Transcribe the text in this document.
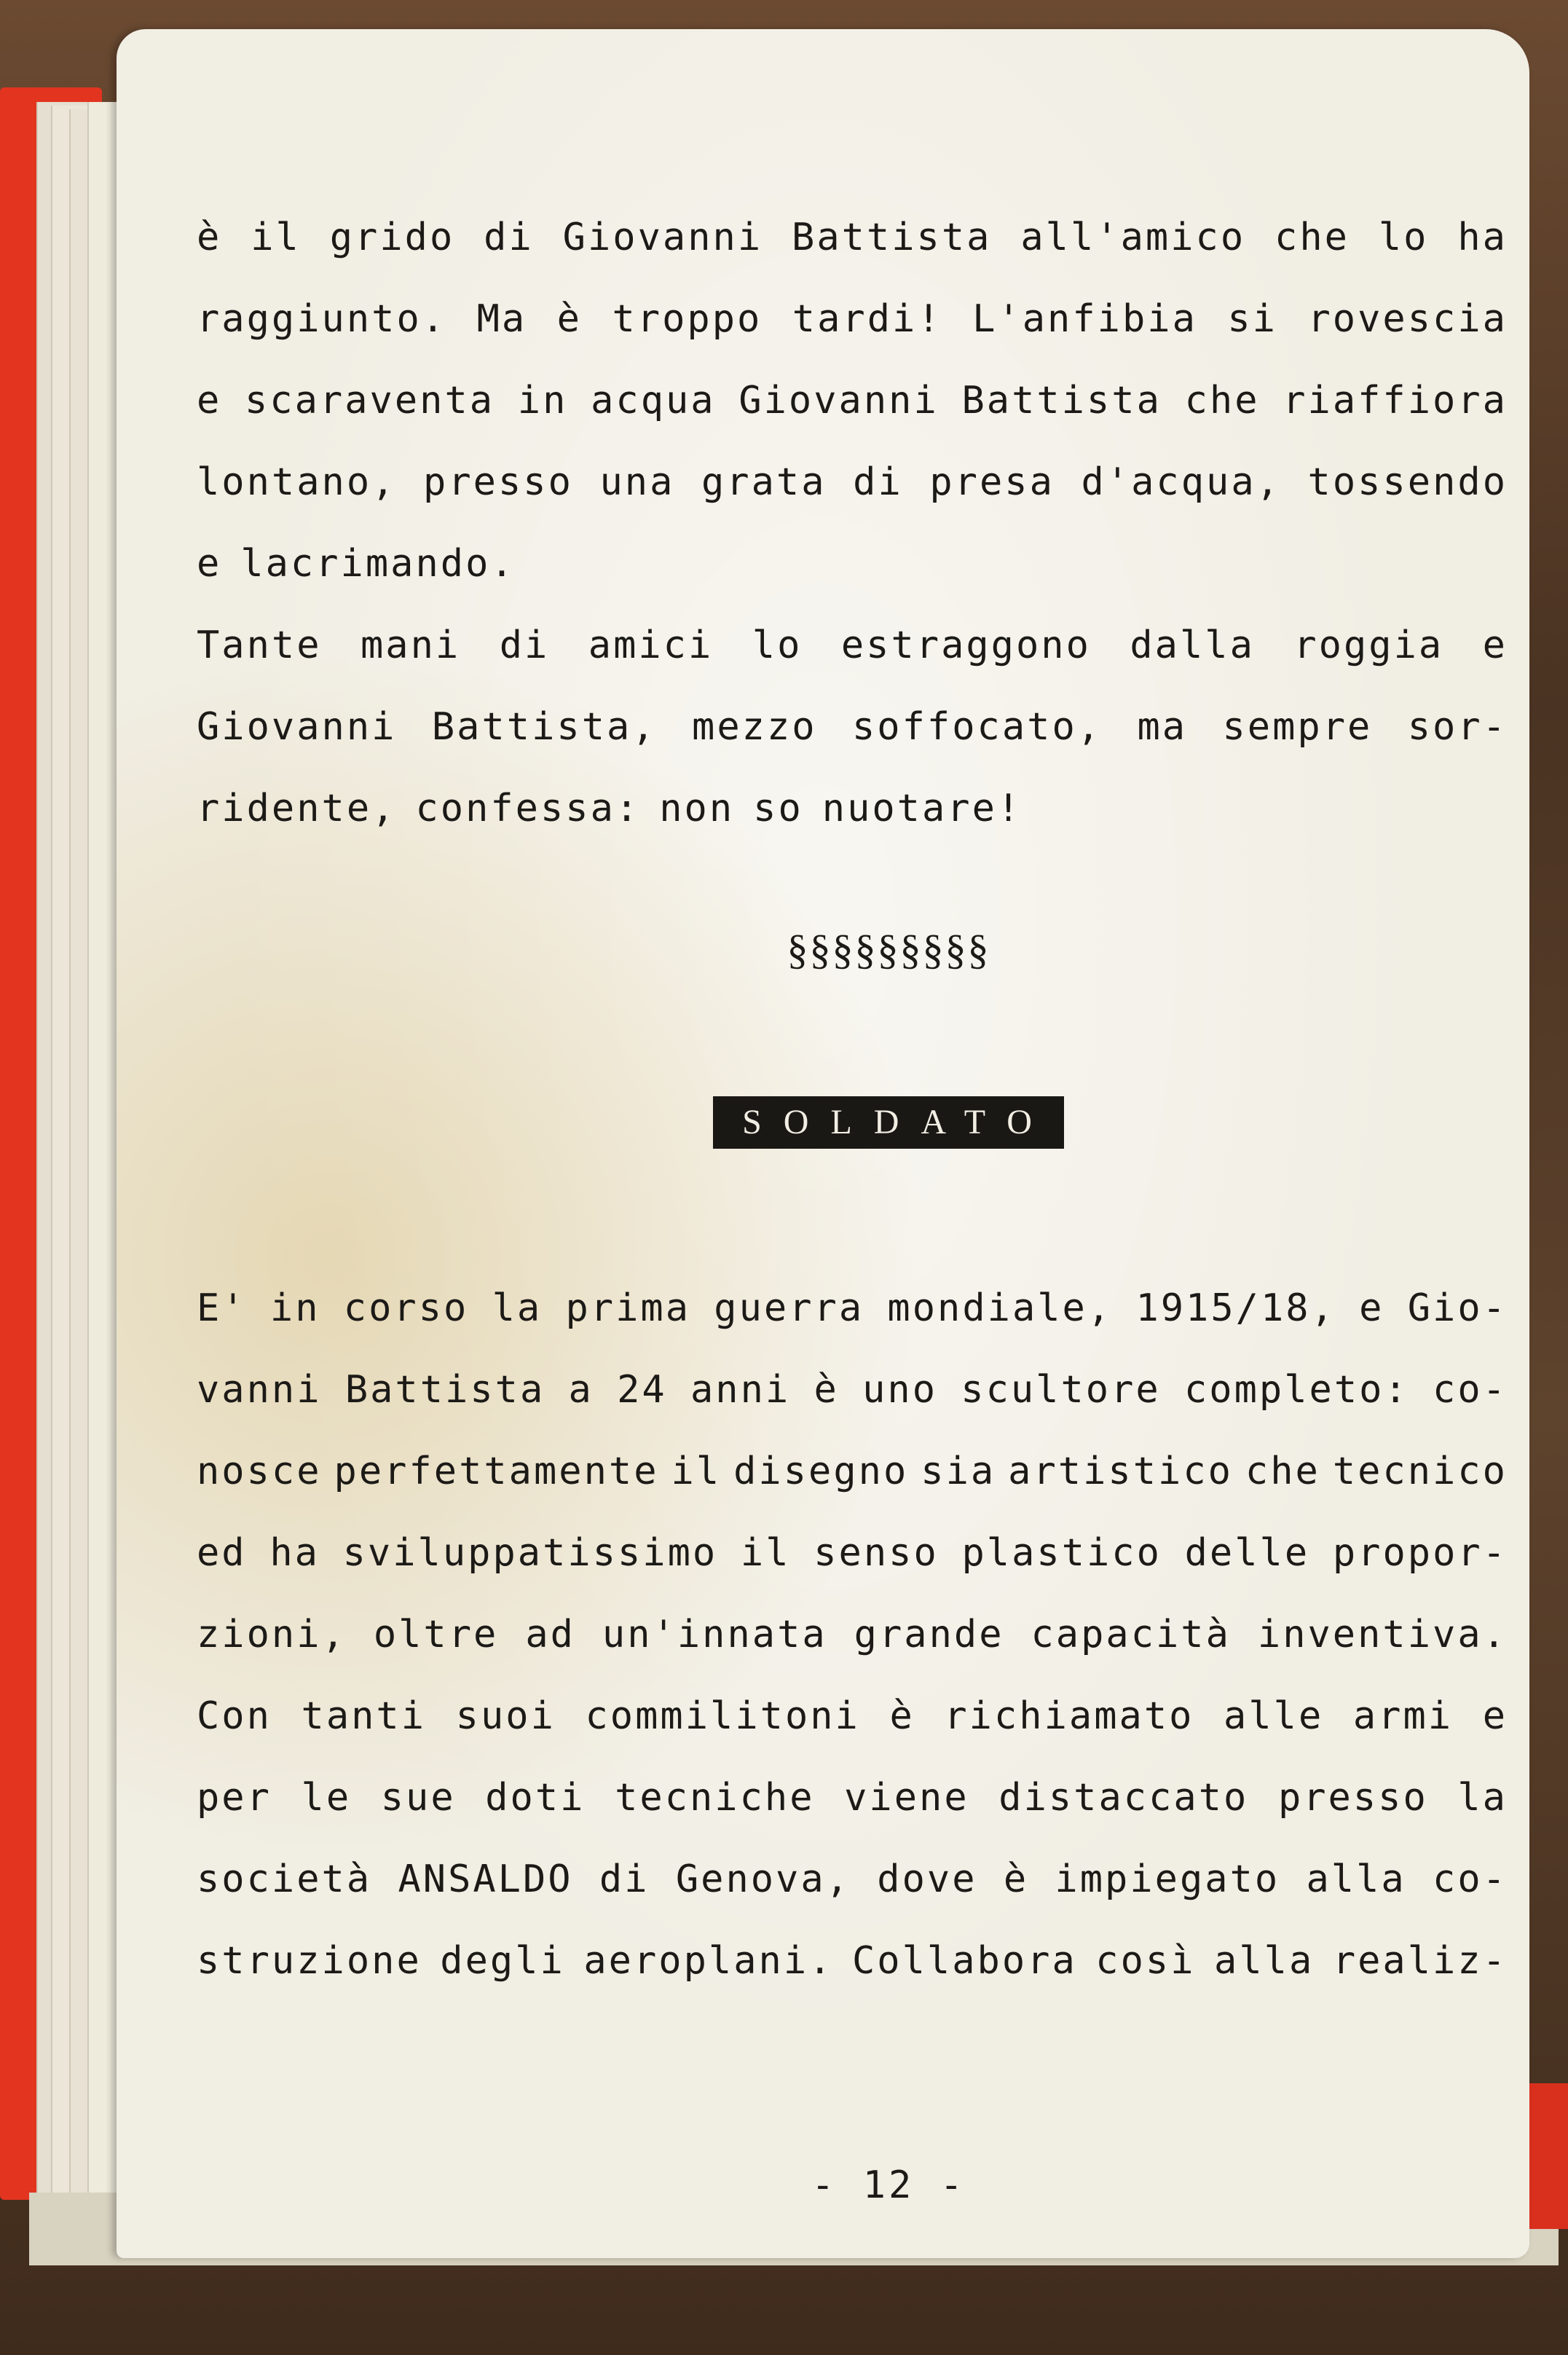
è il grido di Giovanni Battista all'amico che lo ha
raggiunto. Ma è troppo tardi! L'anfibia si rovescia
e scaraventa in acqua Giovanni Battista che riaffiora
lontano, presso una grata di presa d'acqua, tossendo
e lacrimando.
Tante mani di amici lo estraggono dalla roggia e
Giovanni Battista, mezzo soffocato, ma sempre sor-
ridente, confessa: non so nuotare!
§§§§§§§§§
SOLDATO
E' in corso la prima guerra mondiale, 1915/18, e Gio-
vanni Battista a 24 anni è uno scultore completo: co-
nosce perfettamente il disegno sia artistico che tecnico
ed ha sviluppatissimo il senso plastico delle propor-
zioni, oltre ad un'innata grande capacità inventiva.
Con tanti suoi commilitoni è richiamato alle armi e
per le sue doti tecniche viene distaccato presso la
società ANSALDO di Genova, dove è impiegato alla co-
struzione degli aeroplani. Collabora così alla realiz-
- 12 -
